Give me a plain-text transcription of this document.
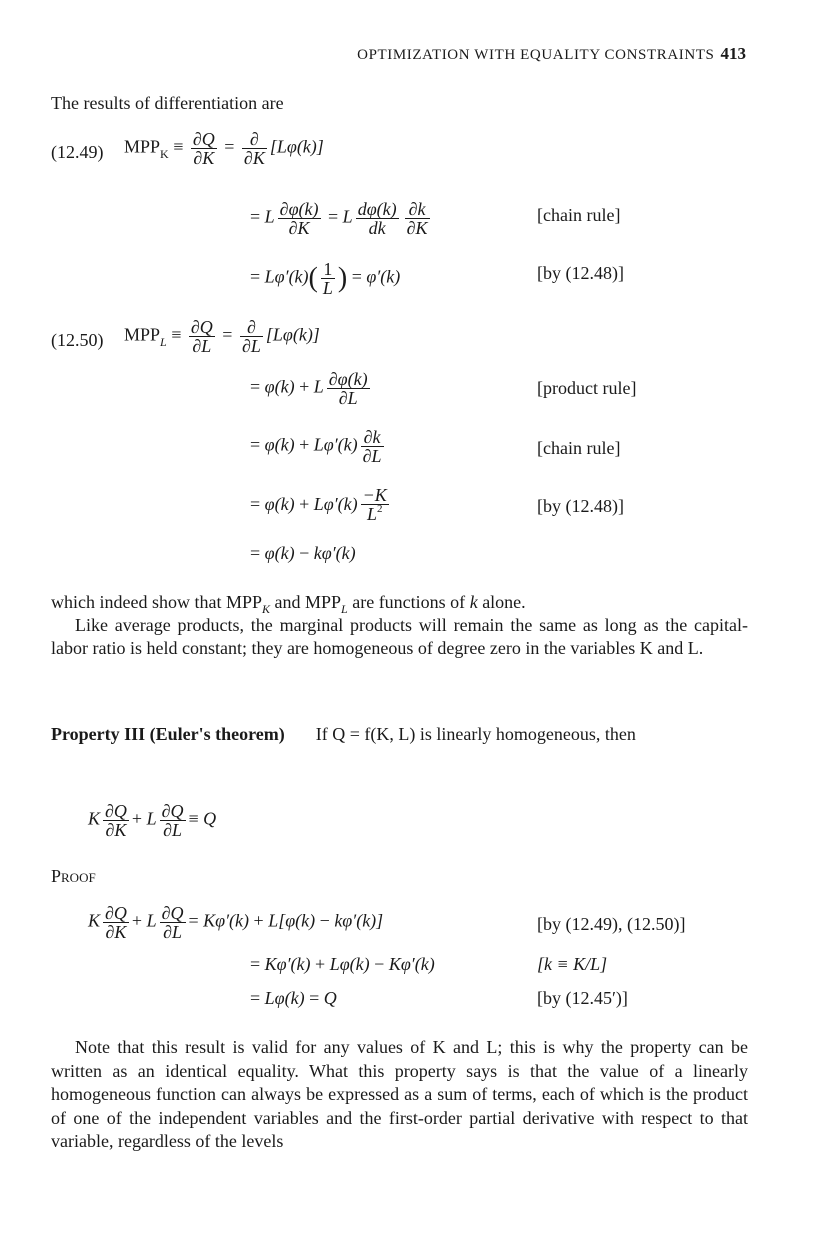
OPTIMIZATION WITH EQUALITY CONSTRAINTS 413
The results of differentiation are
(12.49) $MPP_K \equiv \frac{\partial Q}{\partial K} = \frac{\partial}{\partial K} [L\varphi(k)]$
= L $\frac{\partial\varphi(k)}{\partial K} = L \frac{d\varphi(k)}{dk} \frac{\partial k}{\partial K}$	[chain rule]
= $L\varphi'(k)( \frac{1}{L}$ ) = φ′(k)	[by (12.48)]
(12.50) $MPP_L \equiv \frac{\partial Q}{\partial L} = \frac{\partial}{\partial L} [L\varphi(k)]$
= φ(k) + L $\frac{\partial\varphi(k)}{\partial L}$	[product rule]
= $\varphi(k) + L\varphi'(k) \frac{\partial k}{\partial L}$	[chain rule]
= $\varphi(k) + L\varphi'(k) \frac{-K}{L^2}$	[by (12.48)]
= φ(k) − kφ′(k)
which indeed show that $MPP_K$ and $MPP_L$ are functions of k alone.
Like average products, the marginal products will remain the same as long as the capital-labor ratio is held constant; they are homogeneous of degree zero in the variables K and L.
Property III (Euler's theorem) If Q = f(K, L) is linearly homogeneous, then
K $\frac{\partial Q}{\partial K} + L \frac{\partial Q}{\partial L} \equiv Q$
Proof
K $\frac{\partial Q}{\partial K} + L \frac{\partial Q}{\partial L} = K\varphi'(k) + L[\varphi(k) - k\varphi'(k)]$	[by (12.49), (12.50)]
= Kφ′(k) + Lφ(k) − Kφ′(k)	[k ≡ K/L]
= Lφ(k) = Q	[by (12.45′)]
Note that this result is valid for any values of K and L; this is why the property can be written as an identical equality. What this property says is that the value of a linearly homogeneous function can always be expressed as a sum of terms, each of which is the product of one of the independent variables and the first-order partial derivative with respect to that variable, regardless of the levels
